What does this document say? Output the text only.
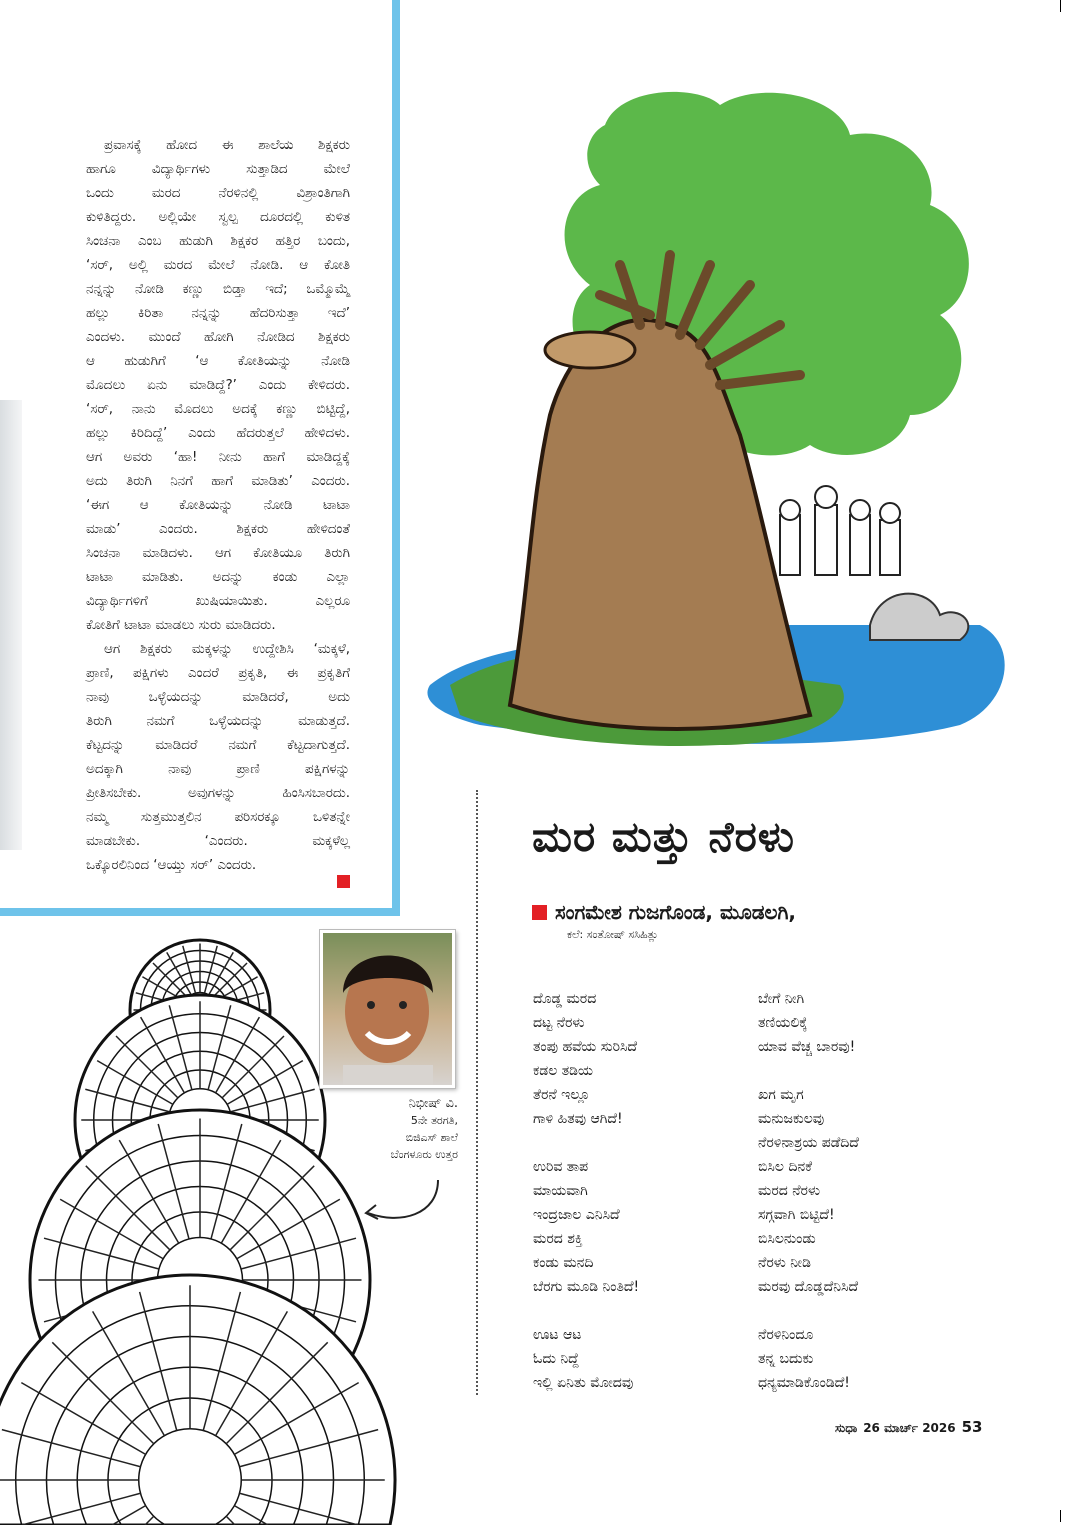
ಪ್ರವಾಸಕ್ಕೆ ಹೋದ ಈ ಶಾಲೆಯ ಶಿಕ್ಷಕರು
ಹಾಗೂ ವಿದ್ಯಾರ್ಥಿಗಳು ಸುತ್ತಾಡಿದ ಮೇಲೆ
ಒಂದು ಮರದ ನೆರಳಿನಲ್ಲಿ ವಿಶ್ರಾಂತಿಗಾಗಿ
ಕುಳಿತಿದ್ದರು. ಅಲ್ಲಿಯೇ ಸ್ವಲ್ಪ ದೂರದಲ್ಲಿ ಕುಳಿತ
ಸಿಂಚನಾ ಎಂಬ ಹುಡುಗಿ ಶಿಕ್ಷಕರ ಹತ್ತಿರ ಬಂದು,
‘ಸರ್, ಅಲ್ಲಿ ಮರದ ಮೇಲೆ ನೋಡಿ. ಆ ಕೋತಿ
ನನ್ನನ್ನು ನೋಡಿ ಕಣ್ಣು ಬಿಡ್ತಾ ಇದೆ; ಒಮ್ಮೊಮ್ಮೆ
ಹಲ್ಲು ಕಿರಿತಾ ನನ್ನನ್ನು ಹೆದರಿಸುತ್ತಾ ಇದೆ’
ಎಂದಳು. ಮುಂದೆ ಹೋಗಿ ನೋಡಿದ ಶಿಕ್ಷಕರು
ಆ ಹುಡುಗಿಗೆ ‘ಆ ಕೋತಿಯನ್ನು ನೋಡಿ
ಮೊದಲು ಏನು ಮಾಡಿದ್ದೆ?’ ಎಂದು ಕೇಳಿದರು.
‘ಸರ್, ನಾನು ಮೊದಲು ಅದಕ್ಕೆ ಕಣ್ಣು ಬಿಟ್ಟಿದ್ದೆ,
ಹಲ್ಲು ಕಿರಿದಿದ್ದೆ’ ಎಂದು ಹೆದರುತ್ತಲೆ ಹೇಳಿದಳು.
ಆಗ ಅವರು ‘ಹಾ! ನೀನು ಹಾಗೆ ಮಾಡಿದ್ದಕ್ಕೆ
ಅದು ತಿರುಗಿ ನಿನಗೆ ಹಾಗೆ ಮಾಡಿತು’ ಎಂದರು.
‘ಈಗ ಆ ಕೋತಿಯನ್ನು ನೋಡಿ ಟಾಟಾ
ಮಾಡು’ ಎಂದರು. ಶಿಕ್ಷಕರು ಹೇಳಿದಂತೆ
ಸಿಂಚನಾ ಮಾಡಿದಳು. ಆಗ ಕೋತಿಯೂ ತಿರುಗಿ
ಟಾಟಾ ಮಾಡಿತು. ಅದನ್ನು ಕಂಡು ಎಲ್ಲಾ
ವಿದ್ಯಾರ್ಥಿಗಳಿಗೆ ಖುಷಿಯಾಯಿತು. ಎಲ್ಲರೂ
ಕೋತಿಗೆ ಟಾಟಾ ಮಾಡಲು ಸುರು ಮಾಡಿದರು.
ಆಗ ಶಿಕ್ಷಕರು ಮಕ್ಕಳನ್ನು ಉದ್ದೇಶಿಸಿ ‘ಮಕ್ಕಳೆ,
ಪ್ರಾಣಿ, ಪಕ್ಷಿಗಳು ಎಂದರೆ ಪ್ರಕೃತಿ, ಈ ಪ್ರಕೃತಿಗೆ
ನಾವು ಒಳ್ಳೆಯದನ್ನು ಮಾಡಿದರೆ, ಅದು
ತಿರುಗಿ ನಮಗೆ ಒಳ್ಳೆಯದನ್ನು ಮಾಡುತ್ತದೆ.
ಕೆಟ್ಟದನ್ನು ಮಾಡಿದರೆ ನಮಗೆ ಕೆಟ್ಟದಾಗುತ್ತದೆ.
ಅದಕ್ಕಾಗಿ ನಾವು ಪ್ರಾಣಿ ಪಕ್ಷಿಗಳನ್ನು
ಪ್ರೀತಿಸಬೇಕು. ಅವುಗಳನ್ನು ಹಿಂಸಿಸಬಾರದು.
ನಮ್ಮ ಸುತ್ತಮುತ್ತಲಿನ ಪರಿಸರಕ್ಕೂ ಒಳಿತನ್ನೇ
ಮಾಡಬೇಕು. ‘ಎಂದರು. ಮಕ್ಕಳೆಲ್ಲ
ಒಕ್ಕೊರಲಿನಿಂದ ‘ಆಯ್ತು ಸರ್’ ಎಂದರು.
ಮರ ಮತ್ತು ನೆರಳು
ಸಂಗಮೇಶ ಗುಜಗೊಂಡ, ಮೂಡಲಗಿ,
ಕಲೆ: ಸಂತೋಷ್ ಸಸಿಹಿತ್ಲು
ದೊಡ್ಡ ಮರದ
ದಟ್ಟ ನೆರಳು
ತಂಪು ಹವೆಯ ಸುರಿಸಿದೆ
ಕಡಲ ತಡಿಯ
ತೆರನೆ ಇಲ್ಲೂ
ಗಾಳಿ ಹಿತವು ಆಗಿದೆ!
ಉರಿವ ತಾಪ
ಮಾಯವಾಗಿ
ಇಂದ್ರಜಾಲ ಎನಿಸಿದೆ
ಮರದ ಶಕ್ತಿ
ಕಂಡು ಮನದಿ
ಬೆರಗು ಮೂಡಿ ನಿಂತಿದೆ!
ಊಟ ಆಟ
ಓದು ನಿದ್ದೆ
ಇಲ್ಲಿ ಏನಿತು ಮೋದವು
ಬೇಗೆ ನೀಗಿ
ತಣಿಯಲಿಕ್ಕೆ
ಯಾವ ವೆಚ್ಚ ಬಾರವು!
ಖಗ ಮೃಗ
ಮನುಜಕುಲವು
ನೆರಳಿನಾಶ್ರಯ ಪಡೆದಿದೆ
ಬಿಸಿಲ ದಿನಕೆ
ಮರದ ನೆರಳು
ಸಗ್ಗವಾಗಿ ಬಿಟ್ಟಿದೆ!
ಬಿಸಿಲನುಂಡು
ನೆರಳು ನೀಡಿ
ಮರವು ದೊಡ್ಡದೆನಿಸಿದೆ
ನೆರಳಿನಿಂದೂ
ತನ್ನ ಬದುಕು
ಧನ್ಯಮಾಡಿಕೊಂಡಿದೆ!
ನಿಭೀಷ್ ವಿ.
5ನೇ ತರಗತಿ,
ಬಿಜಿಎಸ್ ಶಾಲೆ
ಬೆಂಗಳೂರು ಉತ್ತರ
ಸುಧಾ 26 ಮಾರ್ಚ್ 2026 53
